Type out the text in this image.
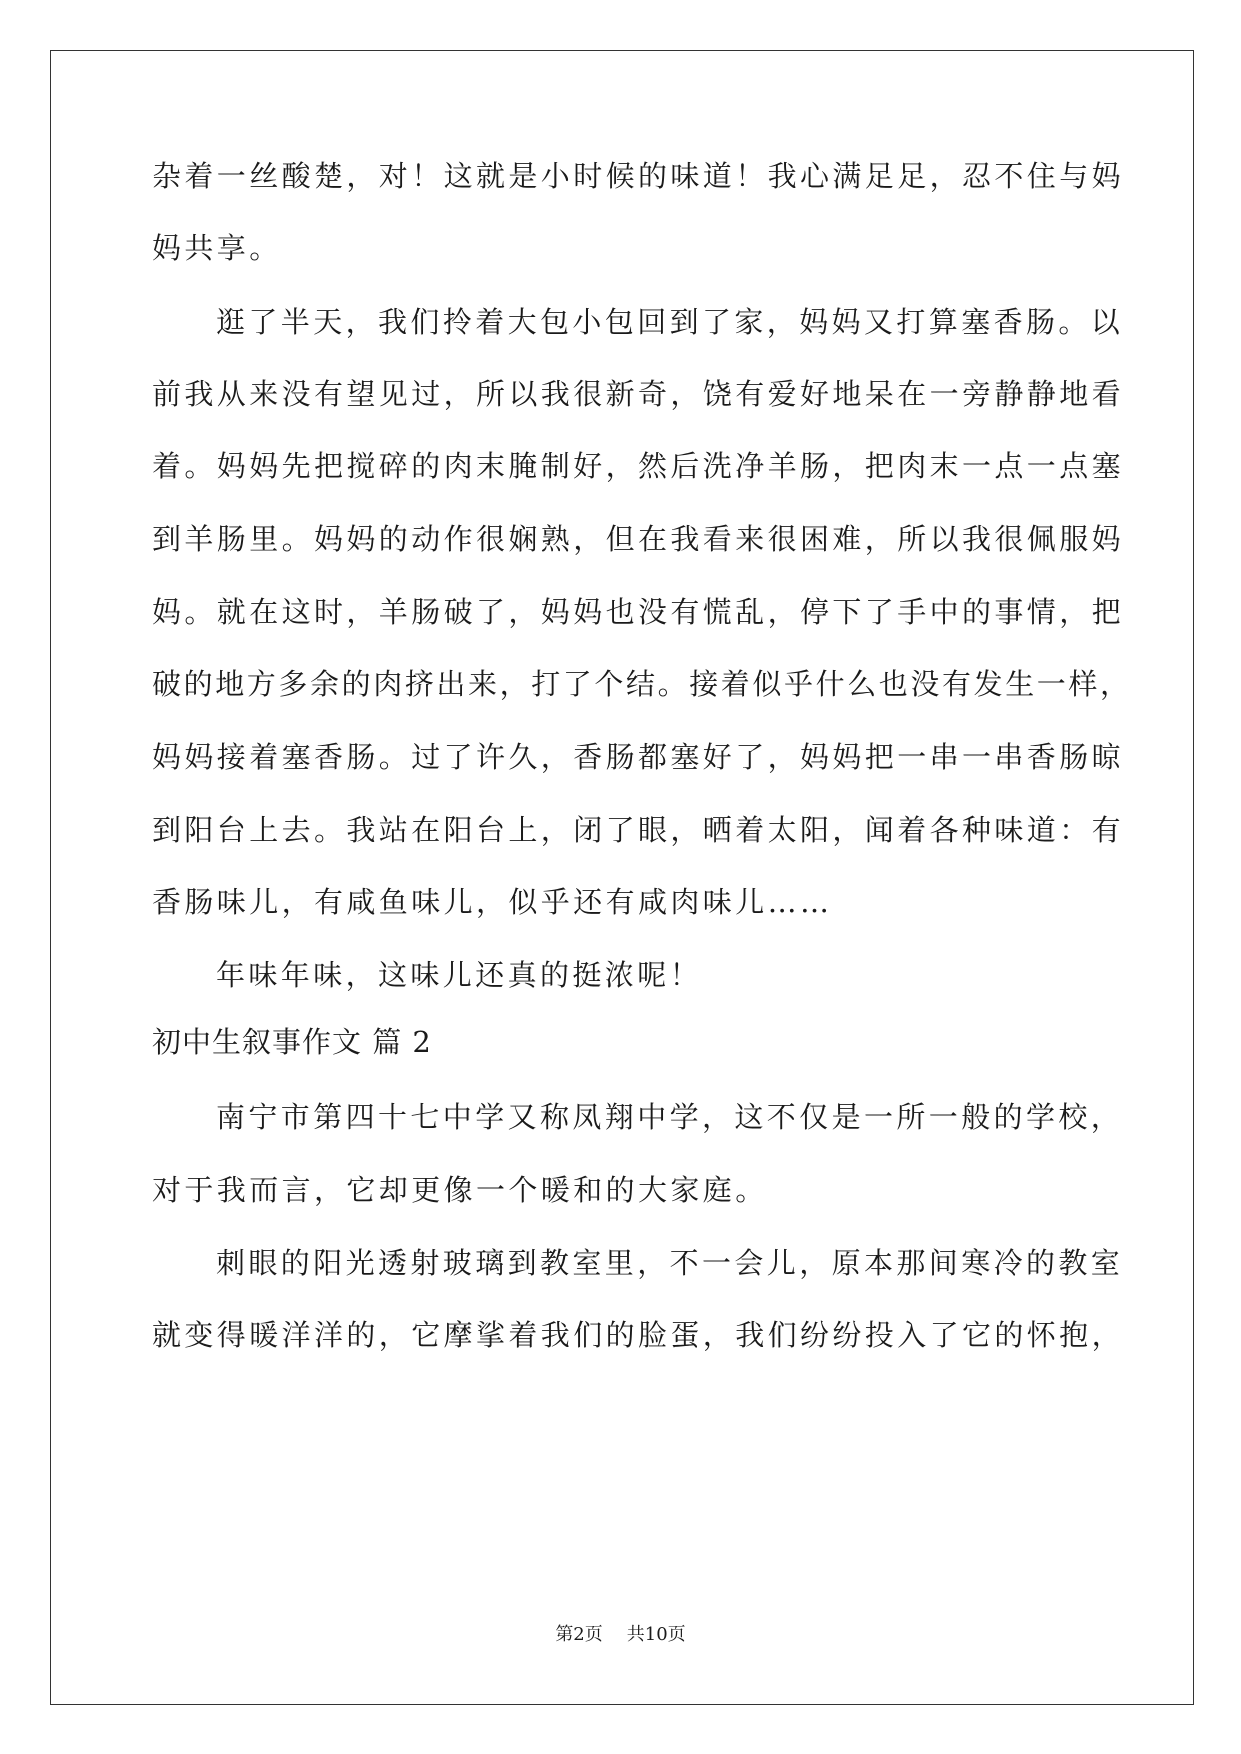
杂着一丝酸楚，对！这就是小时候的味道！我心满足足，忍不住与妈
妈共享。
逛了半天，我们拎着大包小包回到了家，妈妈又打算塞香肠。以
前我从来没有望见过，所以我很新奇，饶有爱好地呆在一旁静静地看
着。妈妈先把搅碎的肉末腌制好，然后洗净羊肠，把肉末一点一点塞
到羊肠里。妈妈的动作很娴熟，但在我看来很困难，所以我很佩服妈
妈。就在这时，羊肠破了，妈妈也没有慌乱，停下了手中的事情，把
破的地方多余的肉挤出来，打了个结。接着似乎什么也没有发生一样，
妈妈接着塞香肠。过了许久，香肠都塞好了，妈妈把一串一串香肠晾
到阳台上去。我站在阳台上，闭了眼，晒着太阳，闻着各种味道：有
香肠味儿，有咸鱼味儿，似乎还有咸肉味儿……
年味年味，这味儿还真的挺浓呢！
初中生叙事作文 篇 2
南宁市第四十七中学又称凤翔中学，这不仅是一所一般的学校，
对于我而言，它却更像一个暖和的大家庭。
刺眼的阳光透射玻璃到教室里，不一会儿，原本那间寒冷的教室
就变得暖洋洋的，它摩挲着我们的脸蛋，我们纷纷投入了它的怀抱，
第2页 共10页
